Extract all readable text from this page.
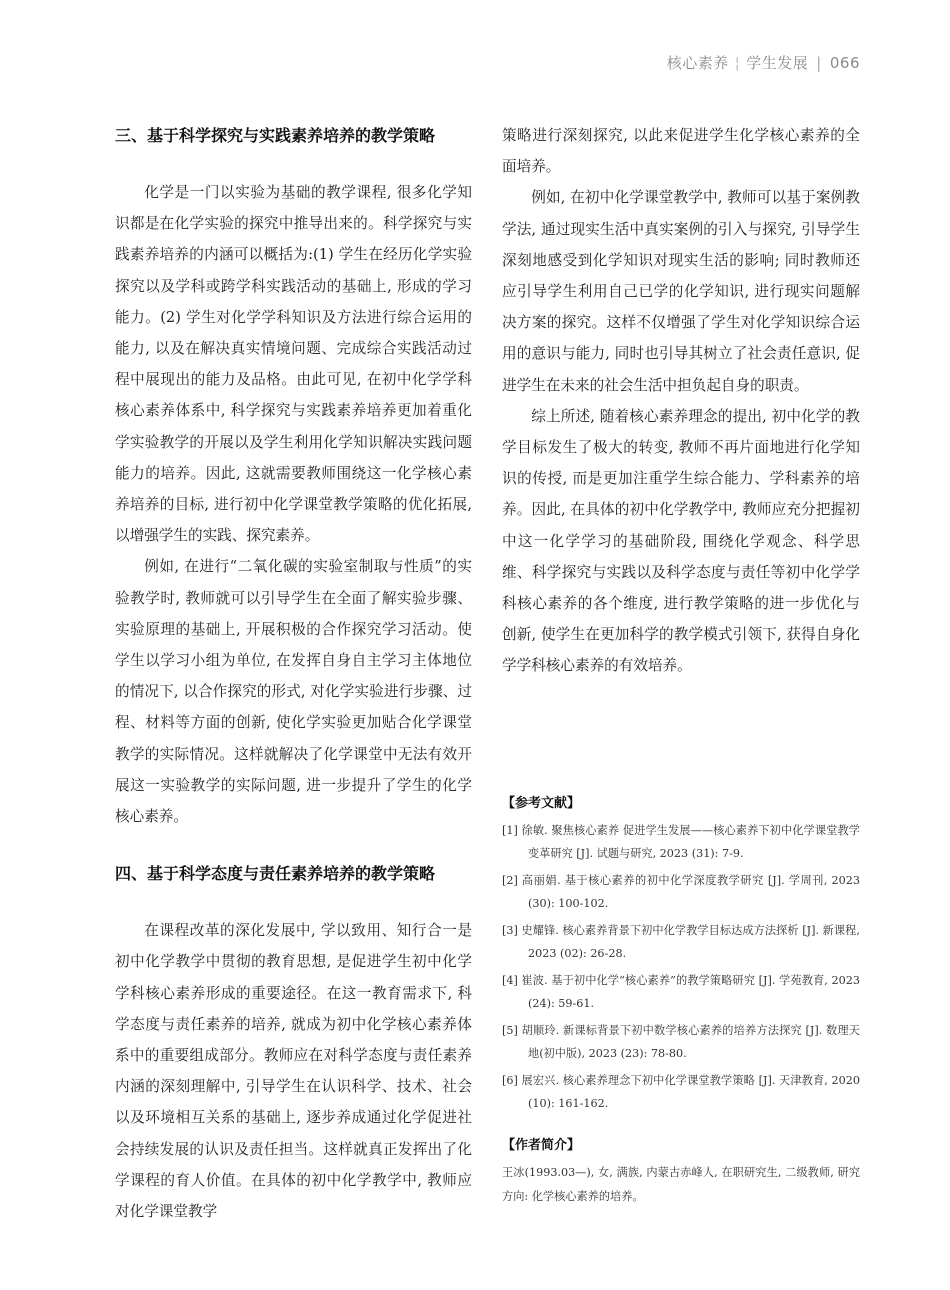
核心素养 ¦ 学生发展 | 066
三、基于科学探究与实践素养培养的教学策略

化学是一门以实验为基础的教学课程, 很多化学知识都是在化学实验的探究中推导出来的。科学探究与实践素养培养的内涵可以概括为:(1) 学生在经历化学实验探究以及学科或跨学科实践活动的基础上, 形成的学习能力。(2) 学生对化学学科知识及方法进行综合运用的能力, 以及在解决真实情境问题、完成综合实践活动过程中展现出的能力及品格。由此可见, 在初中化学学科核心素养体系中, 科学探究与实践素养培养更加着重化学实验教学的开展以及学生利用化学知识解决实践问题能力的培养。因此, 这就需要教师围绕这一化学核心素养培养的目标, 进行初中化学课堂教学策略的优化拓展, 以增强学生的实践、探究素养。

例如, 在进行“二氧化碳的实验室制取与性质”的实验教学时, 教师就可以引导学生在全面了解实验步骤、实验原理的基础上, 开展积极的合作探究学习活动。使学生以学习小组为单位, 在发挥自身自主学习主体地位的情况下, 以合作探究的形式, 对化学实验进行步骤、过程、材料等方面的创新, 使化学实验更加贴合化学课堂教学的实际情况。这样就解决了化学课堂中无法有效开展这一实验教学的实际问题, 进一步提升了学生的化学核心素养。

四、基于科学态度与责任素养培养的教学策略

在课程改革的深化发展中, 学以致用、知行合一是初中化学教学中贯彻的教育思想, 是促进学生初中化学学科核心素养形成的重要途径。在这一教育需求下, 科学态度与责任素养的培养, 就成为初中化学核心素养体系中的重要组成部分。教师应在对科学态度与责任素养内涵的深刻理解中, 引导学生在认识科学、技术、社会以及环境相互关系的基础上, 逐步养成通过化学促进社会持续发展的认识及责任担当。这样就真正发挥出了化学课程的育人价值。在具体的初中化学教学中, 教师应对化学课堂教学

策略进行深刻探究, 以此来促进学生化学核心素养的全面培养。

例如, 在初中化学课堂教学中, 教师可以基于案例教学法, 通过现实生活中真实案例的引入与探究, 引导学生深刻地感受到化学知识对现实生活的影响; 同时教师还应引导学生利用自己已学的化学知识, 进行现实问题解决方案的探究。这样不仅增强了学生对化学知识综合运用的意识与能力, 同时也引导其树立了社会责任意识, 促进学生在未来的社会生活中担负起自身的职责。

综上所述, 随着核心素养理念的提出, 初中化学的教学目标发生了极大的转变, 教师不再片面地进行化学知识的传授, 而是更加注重学生综合能力、学科素养的培养。因此, 在具体的初中化学教学中, 教师应充分把握初中这一化学学习的基础阶段, 围绕化学观念、科学思维、科学探究与实践以及科学态度与责任等初中化学学科核心素养的各个维度, 进行教学策略的进一步优化与创新, 使学生在更加科学的教学模式引领下, 获得自身化学学科核心素养的有效培养。

【参考文献】
[1] 徐敏. 聚焦核心素养 促进学生发展——核心素养下初中化学课堂教学变革研究 [J]. 试题与研究, 2023 (31): 7-9.
[2] 高丽娟. 基于核心素养的初中化学深度教学研究 [J]. 学周刊, 2023 (30): 100-102.
[3] 史耀锋. 核心素养背景下初中化学教学目标达成方法探析 [J]. 新课程, 2023 (02): 26-28.
[4] 崔波. 基于初中化学“核心素养”的教学策略研究 [J]. 学苑教育, 2023 (24): 59-61.
[5] 胡顺玲. 新课标背景下初中数学核心素养的培养方法探究 [J]. 数理天地(初中版), 2023 (23): 78-80.
[6] 展宏兴. 核心素养理念下初中化学课堂教学策略 [J]. 天津教育, 2020 (10): 161-162.
【作者简介】

王冰(1993.03—), 女, 满族, 内蒙古赤峰人, 在职研究生, 二级教师, 研究方向: 化学核心素养的培养。
